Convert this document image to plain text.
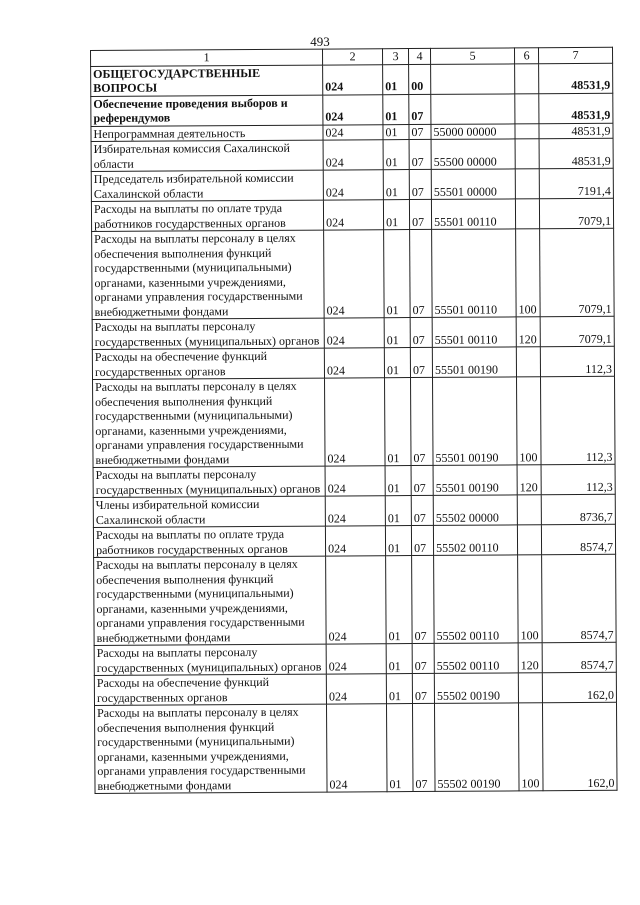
493
1	2	3	4	5	6	7
ОБЩЕГОСУДАРСТВЕННЫЕ ВОПРОСЫ	024	01	00			48531,9
Обеспечение проведения выборов и референдумов	024	01	07			48531,9
Непрограммная деятельность	024	01	07	55000 00000		48531,9
Избирательная комиссия Сахалинской области	024	01	07	55500 00000		48531,9
Председатель избирательной комиссии Сахалинской области	024	01	07	55501 00000		7191,4
Расходы на выплаты по оплате труда работников государственных органов	024	01	07	55501 00110		7079,1
Расходы на выплаты персоналу в целях обеспечения выполнения функций государственными (муниципальными) органами, казенными учреждениями, органами управления государственными внебюджетными фондами	024	01	07	55501 00110	100	7079,1
Расходы на выплаты персоналу государственных (муниципальных) органов	024	01	07	55501 00110	120	7079,1
Расходы на обеспечение функций государственных органов	024	01	07	55501 00190		112,3
Расходы на выплаты персоналу в целях обеспечения выполнения функций государственными (муниципальными) органами, казенными учреждениями, органами управления государственными внебюджетными фондами	024	01	07	55501 00190	100	112,3
Расходы на выплаты персоналу государственных (муниципальных) органов	024	01	07	55501 00190	120	112,3
Члены избирательной комиссии Сахалинской области	024	01	07	55502 00000		8736,7
Расходы на выплаты по оплате труда работников государственных органов	024	01	07	55502 00110		8574,7
Расходы на выплаты персоналу в целях обеспечения выполнения функций государственными (муниципальными) органами, казенными учреждениями, органами управления государственными внебюджетными фондами	024	01	07	55502 00110	100	8574,7
Расходы на выплаты персоналу государственных (муниципальных) органов	024	01	07	55502 00110	120	8574,7
Расходы на обеспечение функций государственных органов	024	01	07	55502 00190		162,0
Расходы на выплаты персоналу в целях обеспечения выполнения функций государственными (муниципальными) органами, казенными учреждениями, органами управления государственными внебюджетными фондами	024	01	07	55502 00190	100	162,0
